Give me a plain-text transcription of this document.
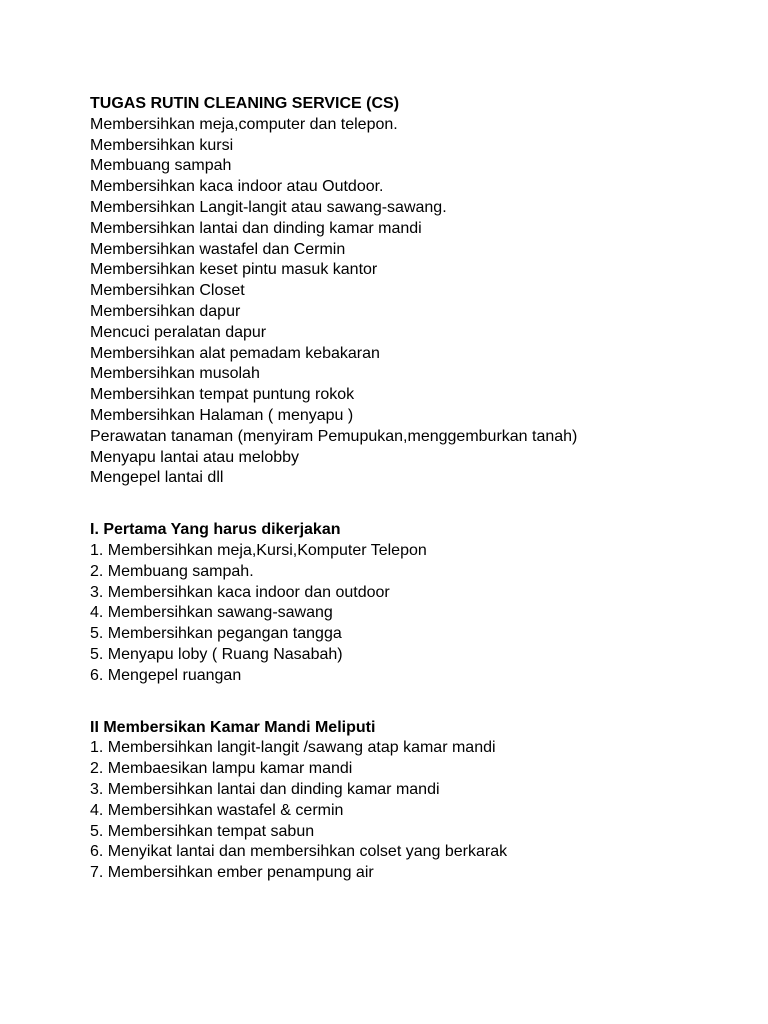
TUGAS RUTIN CLEANING SERVICE (CS)
Membersihkan meja,computer dan telepon.
Membersihkan kursi
Membuang sampah
Membersihkan kaca indoor atau Outdoor.
Membersihkan Langit-langit atau sawang-sawang.
Membersihkan lantai dan dinding kamar mandi
Membersihkan wastafel dan Cermin
Membersihkan keset pintu masuk kantor
Membersihkan Closet
Membersihkan dapur
Mencuci peralatan dapur
Membersihkan alat pemadam kebakaran
Membersihkan musolah
Membersihkan tempat puntung rokok
Membersihkan Halaman ( menyapu )
Perawatan tanaman (menyiram Pemupukan,menggemburkan tanah)
Menyapu lantai atau melobby
Mengepel lantai dll
I. Pertama Yang harus dikerjakan
1. Membersihkan meja,Kursi,Komputer Telepon
2. Membuang sampah.
3. Membersihkan kaca indoor dan outdoor
4. Membersihkan sawang-sawang
5. Membersihkan pegangan tangga
5. Menyapu loby ( Ruang Nasabah)
6. Mengepel ruangan
II Membersikan Kamar Mandi Meliputi
1. Membersihkan langit-langit /sawang atap kamar mandi
2. Membaesikan lampu kamar mandi
3. Membersihkan lantai dan dinding kamar mandi
4. Membersihkan wastafel & cermin
5. Membersihkan tempat sabun
6. Menyikat lantai dan membersihkan colset yang berkarak
7. Membersihkan ember penampung air
